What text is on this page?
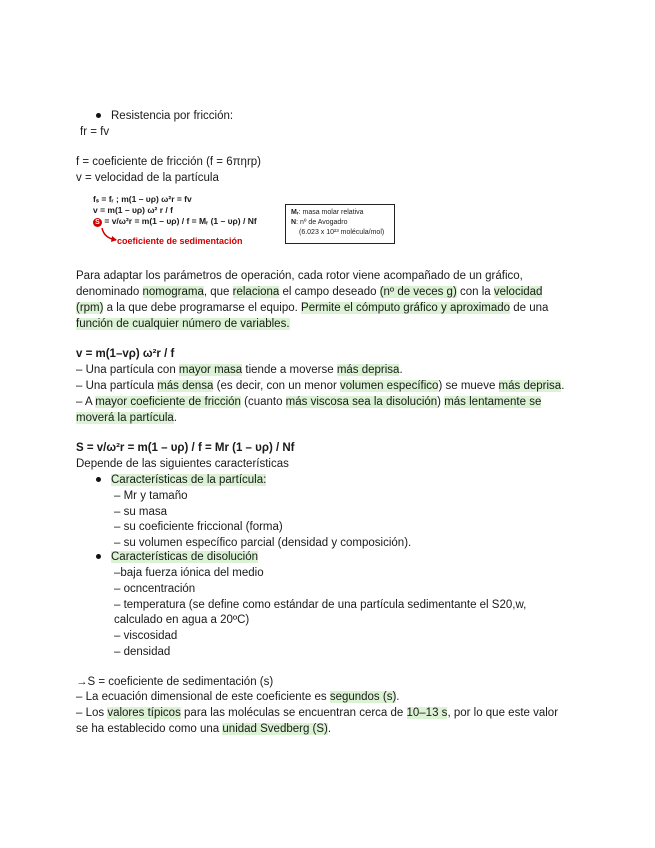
Resistencia por fricción:
fr = fv
f = coeficiente de fricción (f = 6πηrp)
v = velocidad de la partícula
fₛ = fᵣ ; m(1 – υρ) ω²r = fv
v = m(1 – υρ) ω² r / f
S = v/ω²r = m(1 – υρ) / f = Mᵣ (1 – υρ) / Nf
coeficiente de sedimentación
Mᵣ: masa molar relativa
N: nº de Avogadro
(6.023 x 10²³ molécula/mol)
Para adaptar los parámetros de operación, cada rotor viene acompañado de un gráfico,
denominado nomograma, que relaciona el campo deseado (nº de veces g) con la velocidad
(rpm) a la que debe programarse el equipo. Permite el cómputo gráfico y aproximado de una
función de cualquier número de variables.
v = m(1–vρ) ω²r / f
– Una partícula con mayor masa tiende a moverse más deprisa.
– Una partícula más densa (es decir, con un menor volumen específico) se mueve más deprisa.
– A mayor coeficiente de fricción (cuanto más viscosa sea la disolución) más lentamente se
moverá la partícula.
S = v/ω²r = m(1 – υρ) / f = Mr (1 – υρ) / Nf
Depende de las siguientes características
Características de la partícula:
– Mr y tamaño
– su masa
– su coeficiente friccional (forma)
– su volumen específico parcial (densidad y composición).
Características de disolución
–baja fuerza iónica del medio
– ocncentración
– temperatura (se define como estándar de una partícula sedimentante el S20,w,
calculado en agua a 20ºC)
– viscosidad
– densidad
→S = coeficiente de sedimentación (s)
– La ecuación dimensional de este coeficiente es segundos (s).
– Los valores típicos para las moléculas se encuentran cerca de 10–13 s, por lo que este valor
se ha establecido como una unidad Svedberg (S).
